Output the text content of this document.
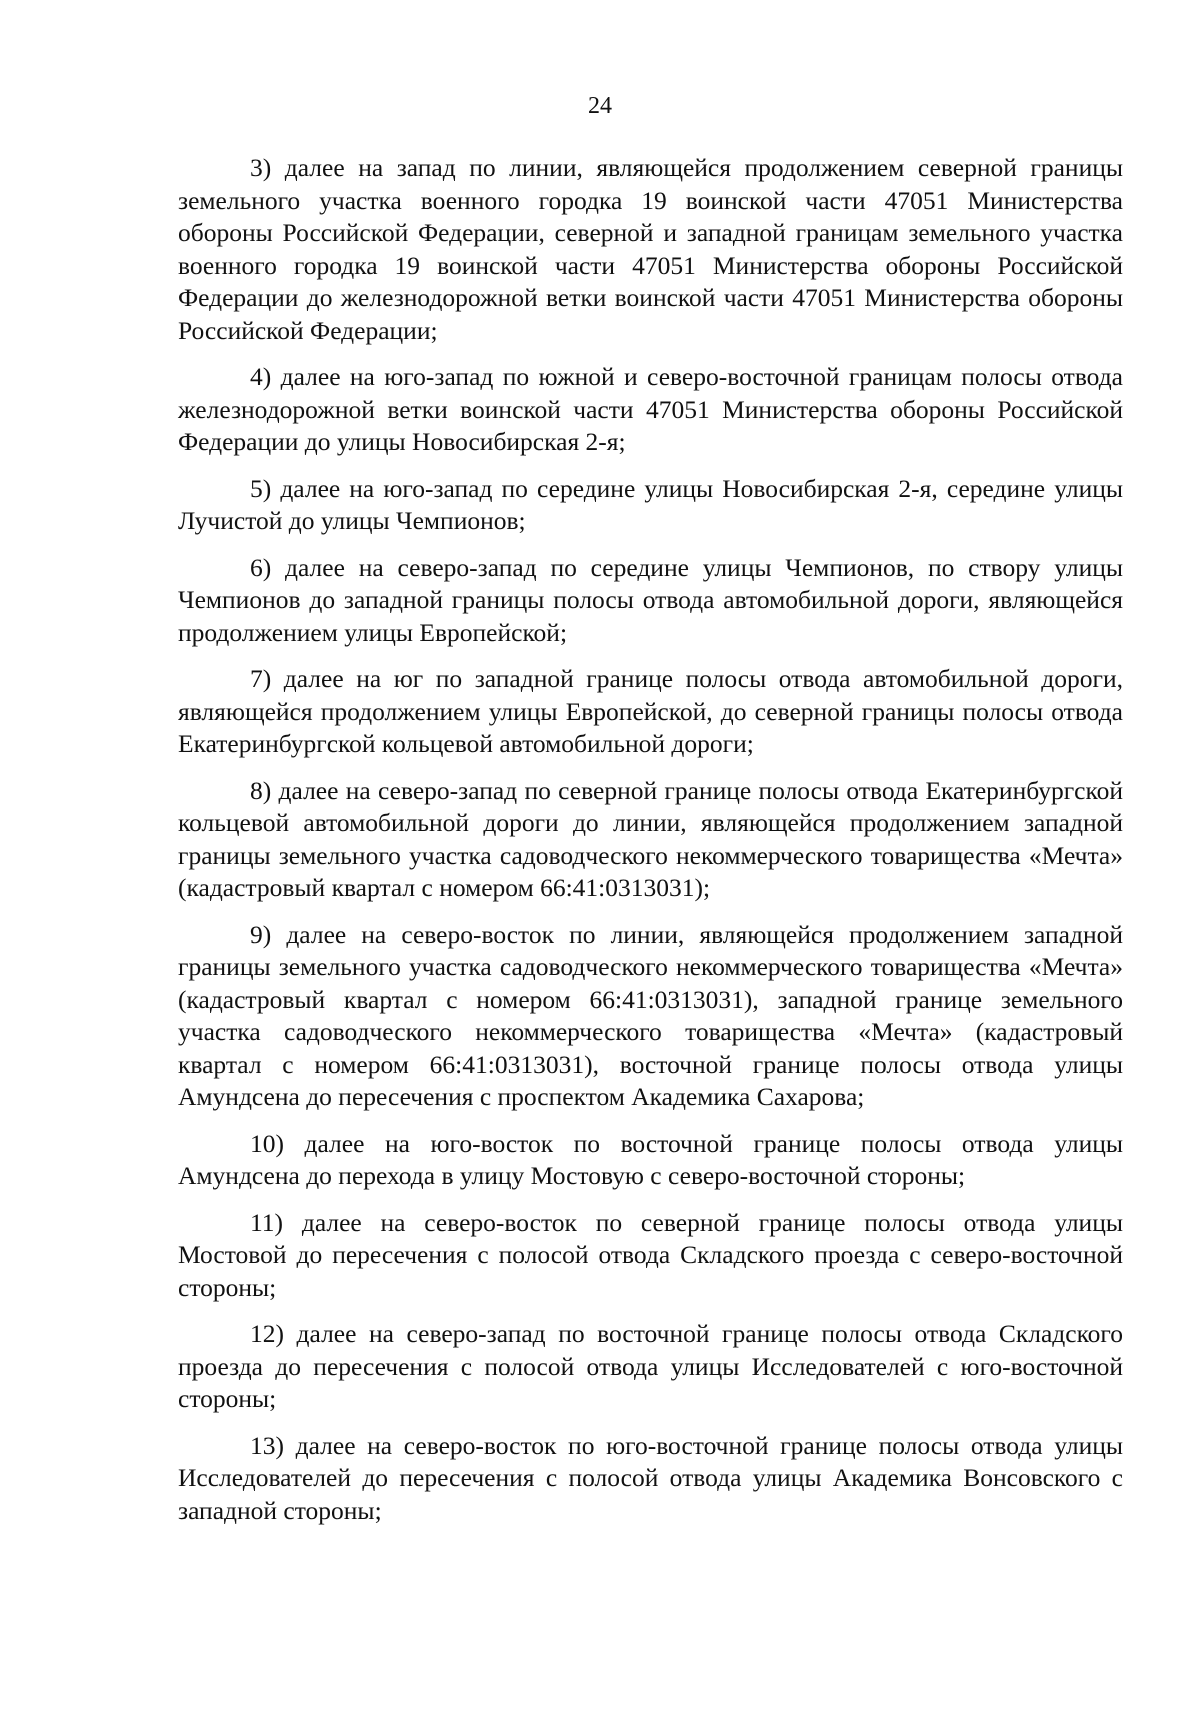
24

3) далее на запад по линии, являющейся продолжением северной границы земельного участка военного городка 19 воинской части 47051 Министерства обороны Российской Федерации, северной и западной границам земельного участка военного городка 19 воинской части 47051 Министерства обороны Российской Федерации до железнодорожной ветки воинской части 47051 Министерства обороны Российской Федерации;

4) далее на юго-запад по южной и северо-восточной границам полосы отвода железнодорожной ветки воинской части 47051 Министерства обороны Российской Федерации до улицы Новосибирская 2-я;

5) далее на юго-запад по середине улицы Новосибирская 2-я, середине улицы Лучистой до улицы Чемпионов;

6) далее на северо-запад по середине улицы Чемпионов, по створу улицы Чемпионов до западной границы полосы отвода автомобильной дороги, являющейся продолжением улицы Европейской;

7) далее на юг по западной границе полосы отвода автомобильной дороги, являющейся продолжением улицы Европейской, до северной границы полосы отвода Екатеринбургской кольцевой автомобильной дороги;

8) далее на северо-запад по северной границе полосы отвода Екатеринбургской кольцевой автомобильной дороги до линии, являющейся продолжением западной границы земельного участка садоводческого некоммерческого товарищества «Мечта» (кадастровый квартал с номером 66:41:0313031);

9) далее на северо-восток по линии, являющейся продолжением западной границы земельного участка садоводческого некоммерческого товарищества «Мечта» (кадастровый квартал с номером 66:41:0313031), западной границе земельного участка садоводческого некоммерческого товарищества «Мечта» (кадастровый квартал с номером 66:41:0313031), восточной границе полосы отвода улицы Амундсена до пересечения с проспектом Академика Сахарова;

10) далее на юго-восток по восточной границе полосы отвода улицы Амундсена до перехода в улицу Мостовую с северо-восточной стороны;

11) далее на северо-восток по северной границе полосы отвода улицы Мостовой до пересечения с полосой отвода Складского проезда с северо-восточной стороны;

12) далее на северо-запад по восточной границе полосы отвода Складского проезда до пересечения с полосой отвода улицы Исследователей с юго-восточной стороны;

13) далее на северо-восток по юго-восточной границе полосы отвода улицы Исследователей до пересечения с полосой отвода улицы Академика Вонсовского с западной стороны;
